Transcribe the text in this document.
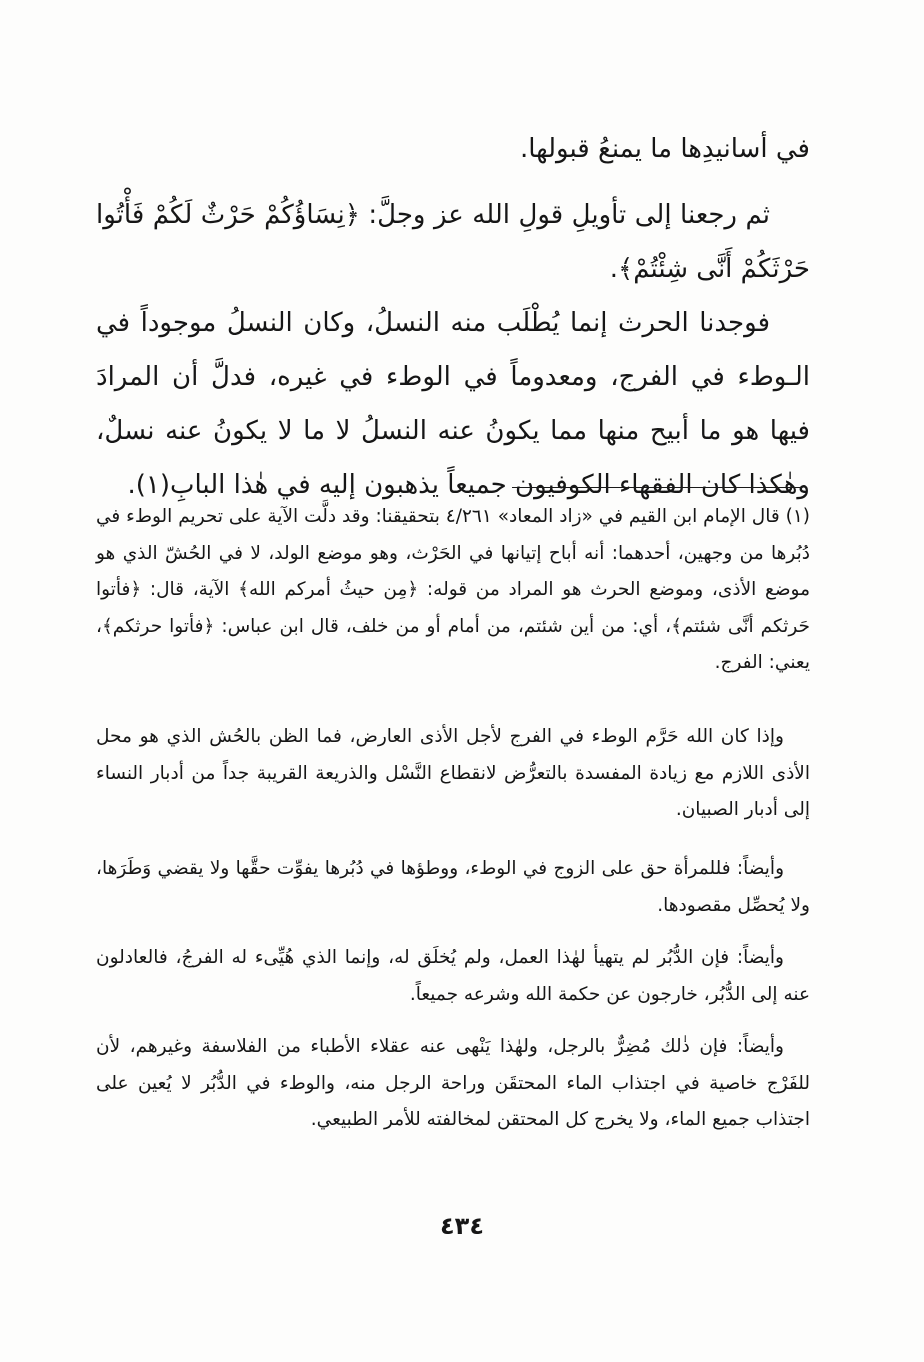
في أسانيدِها ما يمنعُ قبولها.

ثم رجعنا إلى تأويلِ قولِ الله عز وجلَّ: ﴿نِسَاؤُكُمْ حَرْثٌ لَكُمْ فَأْتُوا حَرْثَكُمْ أَنَّى شِئْتُمْ﴾.

فوجدنا الحرث إنما يُطْلَب منه النسلُ، وكان النسلُ موجوداً في الـوطء في الفرج، ومعدوماً في الوطء في غيره، فدلَّ أن المرادَ فيها هو ما أبيح منها مما يكونُ عنه النسلُ لا ما لا يكونُ عنه نسلٌ، وهٰكذا كان الفقهاء الكوفيون جميعاً يذهبون إليه في هٰذا البابِ(١).

(١) قال الإمام ابن القيم في «زاد المعاد» ٤/٢٦١ بتحقيقنا: وقد دلَّت الآية على تحريم الوطء في دُبُرها من وجهين، أحدهما: أنه أباح إتيانها في الحَرْث، وهو موضع الولد، لا في الحُشّ الذي هو موضع الأذى، وموضع الحرث هو المراد من قوله: ﴿مِن حيثُ أمركم الله﴾ الآية، قال: ﴿فأتوا حَرثكم أنَّى شئتم﴾، أي: من أين شئتم، من أمام أو من خلف، قال ابن عباس: ﴿فأتوا حرثكم﴾، يعني: الفرج.

وإذا كان الله حَرَّم الوطء في الفرج لأجل الأذى العارض، فما الظن بالحُش الذي هو محل الأذى اللازم مع زيادة المفسدة بالتعرُّض لانقطاع النَّسْل والذريعة القريبة جداً من أدبار النساء إلى أدبار الصبيان.

وأيضاً: فللمرأة حق على الزوج في الوطء، ووطؤها في دُبُرها يفوِّت حقَّها ولا يقضي وَطَرَها، ولا يُحصِّل مقصودها.

وأيضاً: فإن الدُّبُر لم يتهيأ لهٰذا العمل، ولم يُخلَق له، وإنما الذي هُيِّىء له الفرجُ، فالعادلون عنه إلى الدُّبُر، خارجون عن حكمة الله وشرعه جميعاً.

وأيضاً: فإن ذٰلك مُضِرٌّ بالرجل، ولهٰذا يَنْهى عنه عقلاء الأطباء من الفلاسفة وغيرهم، لأن للفَرْج خاصية في اجتذاب الماء المحتقَن وراحة الرجل منه، والوطء في الدُّبُر لا يُعين على اجتذاب جميع الماء، ولا يخرج كل المحتقن لمخالفته للأمر الطبيعي.

٤٣٤
